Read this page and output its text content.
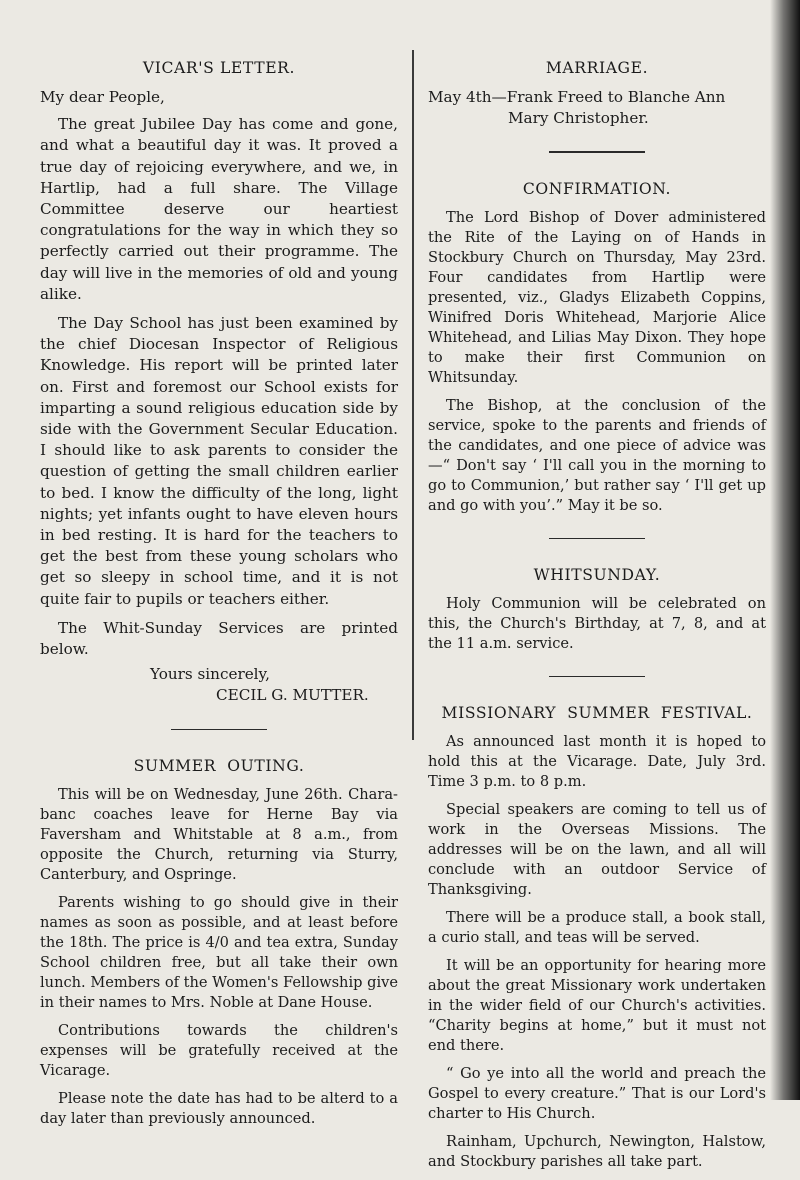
VICAR'S LETTER.

My dear People,

The great Jubilee Day has come and gone, and what a beautiful day it was. It proved a true day of rejoicing everywhere, and we, in Hartlip, had a full share. The Village Committee deserve our heartiest congratulations for the way in which they so perfectly carried out their programme. The day will live in the memories of old and young alike.

The Day School has just been examined by the chief Diocesan Inspector of Religious Knowledge. His report will be printed later on. First and foremost our School exists for imparting a sound religious education side by side with the Government Secular Education. I should like to ask parents to consider the question of getting the small children earlier to bed. I know the difficulty of the long, light nights; yet infants ought to have eleven hours in bed resting. It is hard for the teachers to get the best from these young scholars who get so sleepy in school time, and it is not quite fair to pupils or teachers either.

The Whit-Sunday Services are printed below.

Yours sincerely,

CECIL G. MUTTER.

SUMMER  OUTING.

This will be on Wednesday, June 26th. Chara-banc coaches leave for Herne Bay via Faversham and Whitstable at 8 a.m., from opposite the Church, returning via Sturry, Canterbury, and Ospringe.

Parents wishing to go should give in their names as soon as possible, and at least before the 18th. The price is 4/0 and tea extra, Sunday School children free, but all take their own lunch. Members of the Women's Fellowship give in their names to Mrs. Noble at Dane House.

Contributions towards the children's expenses will be gratefully received at the Vicarage.

Please note the date has had to be alterd to a day later than previously announced.

MARRIAGE.

May 4th—Frank Freed to Blanche Ann

Mary Christopher.

CONFIRMATION.

The Lord Bishop of Dover administered the Rite of the Laying on of Hands in Stockbury Church on Thursday, May 23rd. Four candidates from Hartlip were presented, viz., Gladys Elizabeth Coppins, Winifred Doris Whitehead, Marjorie Alice Whitehead, and Lilias May Dixon. They hope to make their first Communion on Whitsunday.

The Bishop, at the conclusion of the service, spoke to the parents and friends of the candidates, and one piece of advice was—“ Don't say ‘ I'll call you in the morning to go to Communion,’ but rather say ‘ I'll get up and go with you’.” May it be so.

WHITSUNDAY.

Holy Communion will be celebrated on this, the Church's Birthday, at 7, 8, and at the 11 a.m. service.

MISSIONARY  SUMMER  FESTIVAL.

As announced last month it is hoped to hold this at the Vicarage. Date, July 3rd. Time 3 p.m. to 8 p.m.

Special speakers are coming to tell us of work in the Overseas Missions. The addresses will be on the lawn, and all will conclude with an outdoor Service of Thanksgiving.

There will be a produce stall, a book stall, a curio stall, and teas will be served.

It will be an opportunity for hearing more about the great Missionary work undertaken in the wider field of our Church's activities. “Charity begins at home,” but it must not end there.

“ Go ye into all the world and preach the Gospel to every creature.” That is our Lord's charter to His Church.

Rainham, Upchurch, Newington, Halstow, and Stockbury parishes all take part.
